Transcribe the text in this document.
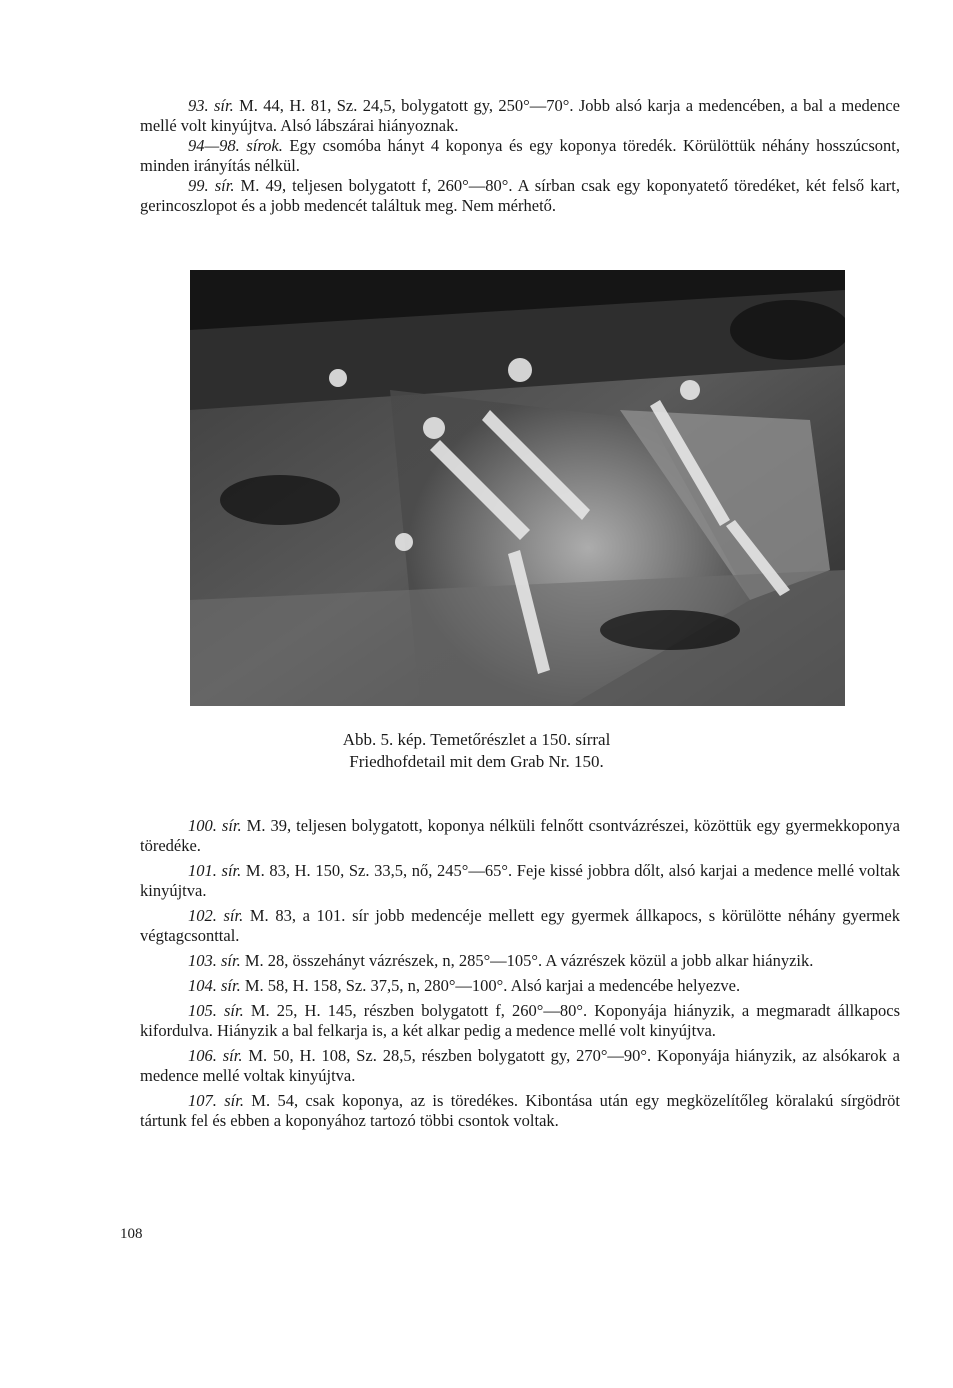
93. sír. M. 44, H. 81, Sz. 24,5, bolygatott gy, 250°—70°. Jobb alsó karja a medencében, a bal a medence mellé volt kinyújtva. Alsó lábszárai hiányoznak.

94—98. sírok. Egy csomóba hányt 4 koponya és egy koponya töredék. Körülöttük néhány hosszúcsont, minden irányítás nélkül.

99. sír. M. 49, teljesen bolygatott f, 260°—80°. A sírban csak egy koponyatető töredéket, két felső kart, gerincoszlopot és a jobb medencét találtuk meg. Nem mérhető.

Abb. 5. kép. Temetőrészlet a 150. sírral
Friedhofdetail mit dem Grab Nr. 150.

100. sír. M. 39, teljesen bolygatott, koponya nélküli felnőtt csontvázrészei, közöttük egy gyermekkoponya töredéke.

101. sír. M. 83, H. 150, Sz. 33,5, nő, 245°—65°. Feje kissé jobbra dőlt, alsó karjai a medence mellé voltak kinyújtva.

102. sír. M. 83, a 101. sír jobb medencéje mellett egy gyermek állkapocs, s körülötte néhány gyermek végtagcsonttal.

103. sír. M. 28, összehányt vázrészek, n, 285°—105°. A vázrészek közül a jobb alkar hiányzik.

104. sír. M. 58, H. 158, Sz. 37,5, n, 280°—100°. Alsó karjai a medencébe helyezve.

105. sír. M. 25, H. 145, részben bolygatott f, 260°—80°. Koponyája hiányzik, a megmaradt állkapocs kifordulva. Hiányzik a bal felkarja is, a két alkar pedig a medence mellé volt kinyújtva.

106. sír. M. 50, H. 108, Sz. 28,5, részben bolygatott gy, 270°—90°. Koponyája hiányzik, az alsókarok a medence mellé voltak kinyújtva.

107. sír. M. 54, csak koponya, az is töredékes. Kibontása után egy megközelítőleg köralakú sírgödröt tártunk fel és ebben a koponyához tartozó többi csontok voltak.

108
